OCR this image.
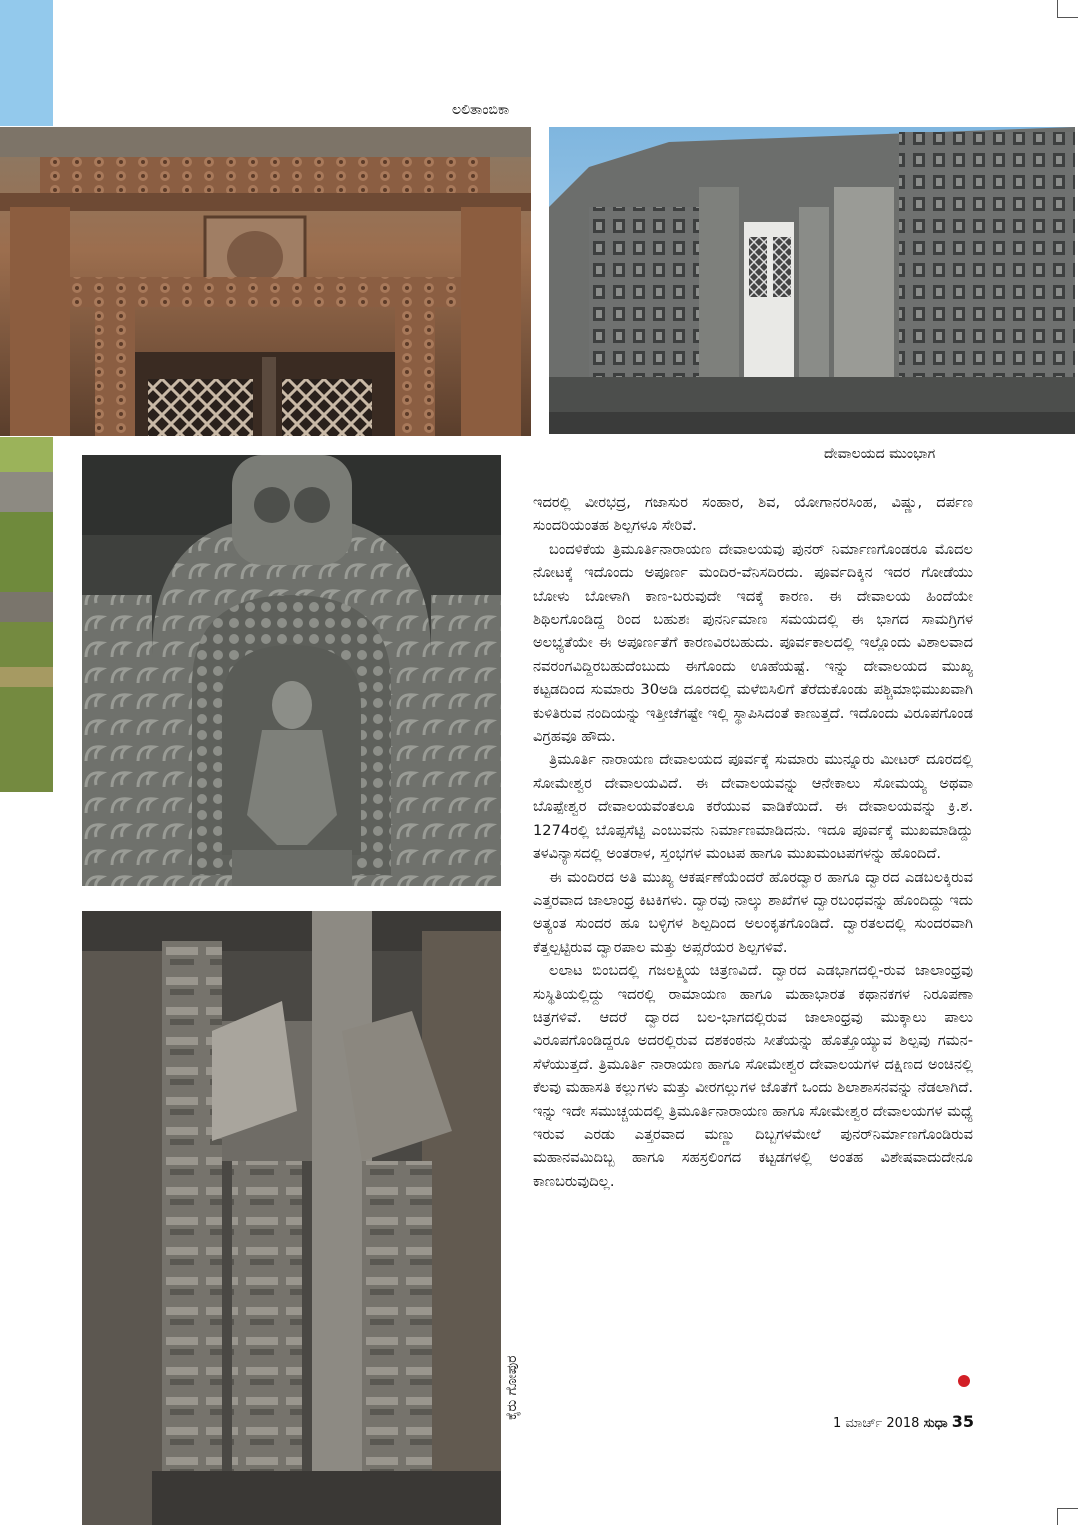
ಲಲಿತಾಂಬಿಕಾ
ದೇವಾಲಯದ ಮುಂಭಾಗ
ಕೈರು ಗೋಪುರ

ಇದರಲ್ಲಿ ವೀರಭದ್ರ, ಗಜಾಸುರ ಸಂಹಾರ, ಶಿವ, ಯೋಗಾನರಸಿಂಹ, ವಿಷ್ಣು, ದರ್ಪಣ ಸುಂದರಿಯಂತಹ ಶಿಲ್ಪಗಳೂ ಸೇರಿವೆ.

ಬಂದಳಿಕೆಯ ತ್ರಿಮೂರ್ತಿನಾರಾಯಣ ದೇವಾಲಯವು ಪುನರ್ ನಿರ್ಮಾಣಗೊಂಡರೂ ಮೊದಲ ನೋಟಕ್ಕೆ ಇದೊಂದು ಅಪೂರ್ಣ ಮಂದಿರ-ವೆನಿಸದಿರದು. ಪೂರ್ವದಿಕ್ಕಿನ ಇದರ ಗೋಡೆಯು ಬೋಳು ಬೋಳಾಗಿ ಕಾಣ-ಬರುವುದೇ ಇದಕ್ಕೆ ಕಾರಣ. ಈ ದೇವಾಲಯ ಹಿಂದೆಯೇ ಶಿಥಿಲಗೊಂಡಿದ್ದ ರಿಂದ ಬಹುಶಃ ಪುನರ್ನಿಮಾಣ ಸಮಯದಲ್ಲಿ ಈ ಭಾಗದ ಸಾಮಗ್ರಿಗಳ ಅಲಭ್ಯತೆಯೇ ಈ ಅಪೂರ್ಣತೆಗೆ ಕಾರಣವಿರಬಹುದು. ಪೂರ್ವಕಾಲದಲ್ಲಿ ಇಲ್ಲೊಂದು ವಿಶಾಲವಾದ ನವರಂಗವಿದ್ದಿರಬಹುದೆಂಬುದು ಈಗೊಂದು ಊಹೆಯಷ್ಟೆ. ಇನ್ನು ದೇವಾಲಯದ ಮುಖ್ಯ ಕಟ್ಟಡದಿಂದ ಸುಮಾರು 30ಅಡಿ ದೂರದಲ್ಲಿ ಮಳೆಬಿಸಿಲಿಗೆ ತೆರೆದುಕೊಂಡು ಪಶ್ಚಿಮಾಭಿಮುಖವಾಗಿ ಕುಳಿತಿರುವ ನಂದಿಯನ್ನು ಇತ್ತೀಚೆಗಷ್ಟೇ ಇಲ್ಲಿ ಸ್ಥಾಪಿಸಿದಂತೆ ಕಾಣುತ್ತದೆ. ಇದೊಂದು ವಿರೂಪಗೊಂಡ ವಿಗ್ರಹವೂ ಹೌದು.

ತ್ರಿಮೂರ್ತಿ ನಾರಾಯಣ ದೇವಾಲಯದ ಪೂರ್ವಕ್ಕೆ ಸುಮಾರು ಮುನ್ನೂರು ಮೀಟರ್ ದೂರದಲ್ಲಿ ಸೋಮೇಶ್ವರ ದೇವಾಲಯವಿದೆ. ಈ ದೇವಾಲಯವನ್ನು ಆನೇಕಾಲು ಸೋಮಯ್ಯ ಅಥವಾ ಬೊಪ್ಪೇಶ್ವರ ದೇವಾಲಯವೆಂತಲೂ ಕರೆಯುವ ವಾಡಿಕೆಯಿದೆ. ಈ ದೇವಾಲಯವನ್ನು ಕ್ರಿ.ಶ. 1274ರಲ್ಲಿ ಬೊಪ್ಪಸೆಟ್ಟಿ ಎಂಬುವನು ನಿರ್ಮಾಣಮಾಡಿದನು. ಇದೂ ಪೂರ್ವಕ್ಕೆ ಮುಖಮಾಡಿದ್ದು ತಳವಿನ್ಯಾಸದಲ್ಲಿ ಅಂತರಾಳ, ಸ್ತಂಭಗಳ ಮಂಟಪ ಹಾಗೂ ಮುಖಮಂಟಪಗಳನ್ನು ಹೊಂದಿದೆ.

ಈ ಮಂದಿರದ ಅತಿ ಮುಖ್ಯ ಆಕರ್ಷಣೆಯೆಂದರೆ ಹೊರದ್ವಾರ ಹಾಗೂ ದ್ವಾರದ ಎಡಬಲಕ್ಕಿರುವ ಎತ್ತರವಾದ ಜಾಲಾಂಧ್ರ ಕಿಟಕಿಗಳು. ದ್ವಾರವು ನಾಲ್ಕು ಶಾಖೆಗಳ ದ್ವಾರಬಂಧವನ್ನು ಹೊಂದಿದ್ದು ಇದು ಅತ್ಯಂತ ಸುಂದರ ಹೂ ಬಳ್ಳಿಗಳ ಶಿಲ್ಪದಿಂದ ಅಲಂಕೃತಗೊಂಡಿದೆ. ದ್ವಾರತಲದಲ್ಲಿ ಸುಂದರವಾಗಿ ಕೆತ್ತಲ್ಪಟ್ಟಿರುವ ದ್ವಾರಪಾಲ ಮತ್ತು ಅಪ್ಸರೆಯರ ಶಿಲ್ಪಗಳಿವೆ.

ಲಲಾಟ ಬಿಂಬದಲ್ಲಿ ಗಜಲಕ್ಷ್ಮಿಯ ಚಿತ್ರಣವಿದೆ. ದ್ವಾರದ ಎಡಭಾಗದಲ್ಲಿ-ರುವ ಜಾಲಾಂಧ್ರವು ಸುಸ್ಥಿತಿಯಲ್ಲಿದ್ದು ಇದರಲ್ಲಿ ರಾಮಾಯಣ ಹಾಗೂ ಮಹಾಭಾರತ ಕಥಾನಕಗಳ ನಿರೂಪಣಾ ಚಿತ್ರಗಳಿವೆ. ಆದರೆ ದ್ವಾರದ ಬಲ-ಭಾಗದಲ್ಲಿರುವ ಜಾಲಾಂಧ್ರವು ಮುಕ್ಕಾಲು ಪಾಲು ವಿರೂಪಗೊಂಡಿದ್ದರೂ ಅದರಲ್ಲಿರುವ ದಶಕಂಠನು ಸೀತೆಯನ್ನು ಹೊತ್ತೊಯ್ಯುವ ಶಿಲ್ಪವು ಗಮನ-ಸೆಳೆಯುತ್ತದೆ. ತ್ರಿಮೂರ್ತಿ ನಾರಾಯಣ ಹಾಗೂ ಸೋಮೇಶ್ವರ ದೇವಾಲಯಗಳ ದಕ್ಷಿಣದ ಅಂಚಿನಲ್ಲಿ ಕೆಲವು ಮಹಾಸತಿ ಕಲ್ಲುಗಳು ಮತ್ತು ವೀರಗಲ್ಲುಗಳ ಜೊತೆಗೆ ಒಂದು ಶಿಲಾಶಾಸನವನ್ನು ನೆಡಲಾಗಿದೆ. ಇನ್ನು ಇದೇ ಸಮುಚ್ಚಯದಲ್ಲಿ ತ್ರಿಮೂರ್ತಿನಾರಾಯಣ ಹಾಗೂ ಸೋಮೇಶ್ವರ ದೇವಾಲಯಗಳ ಮಧ್ಯೆ ಇರುವ ಎರಡು ಎತ್ತರವಾದ ಮಣ್ಣು ದಿಬ್ಬಗಳಮೇಲೆ ಪುನರ್‌ನಿರ್ಮಾಣಗೊಂಡಿರುವ ಮಹಾನವಮಿದಿಬ್ಬ ಹಾಗೂ ಸಹಸ್ರಲಿಂಗದ ಕಟ್ಟಡಗಳಲ್ಲಿ ಅಂತಹ ವಿಶೇಷವಾದುದೇನೂ ಕಾಣಬರುವುದಿಲ್ಲ.

1 ಮಾರ್ಚ್ 2018 ಸುಧಾ 35
